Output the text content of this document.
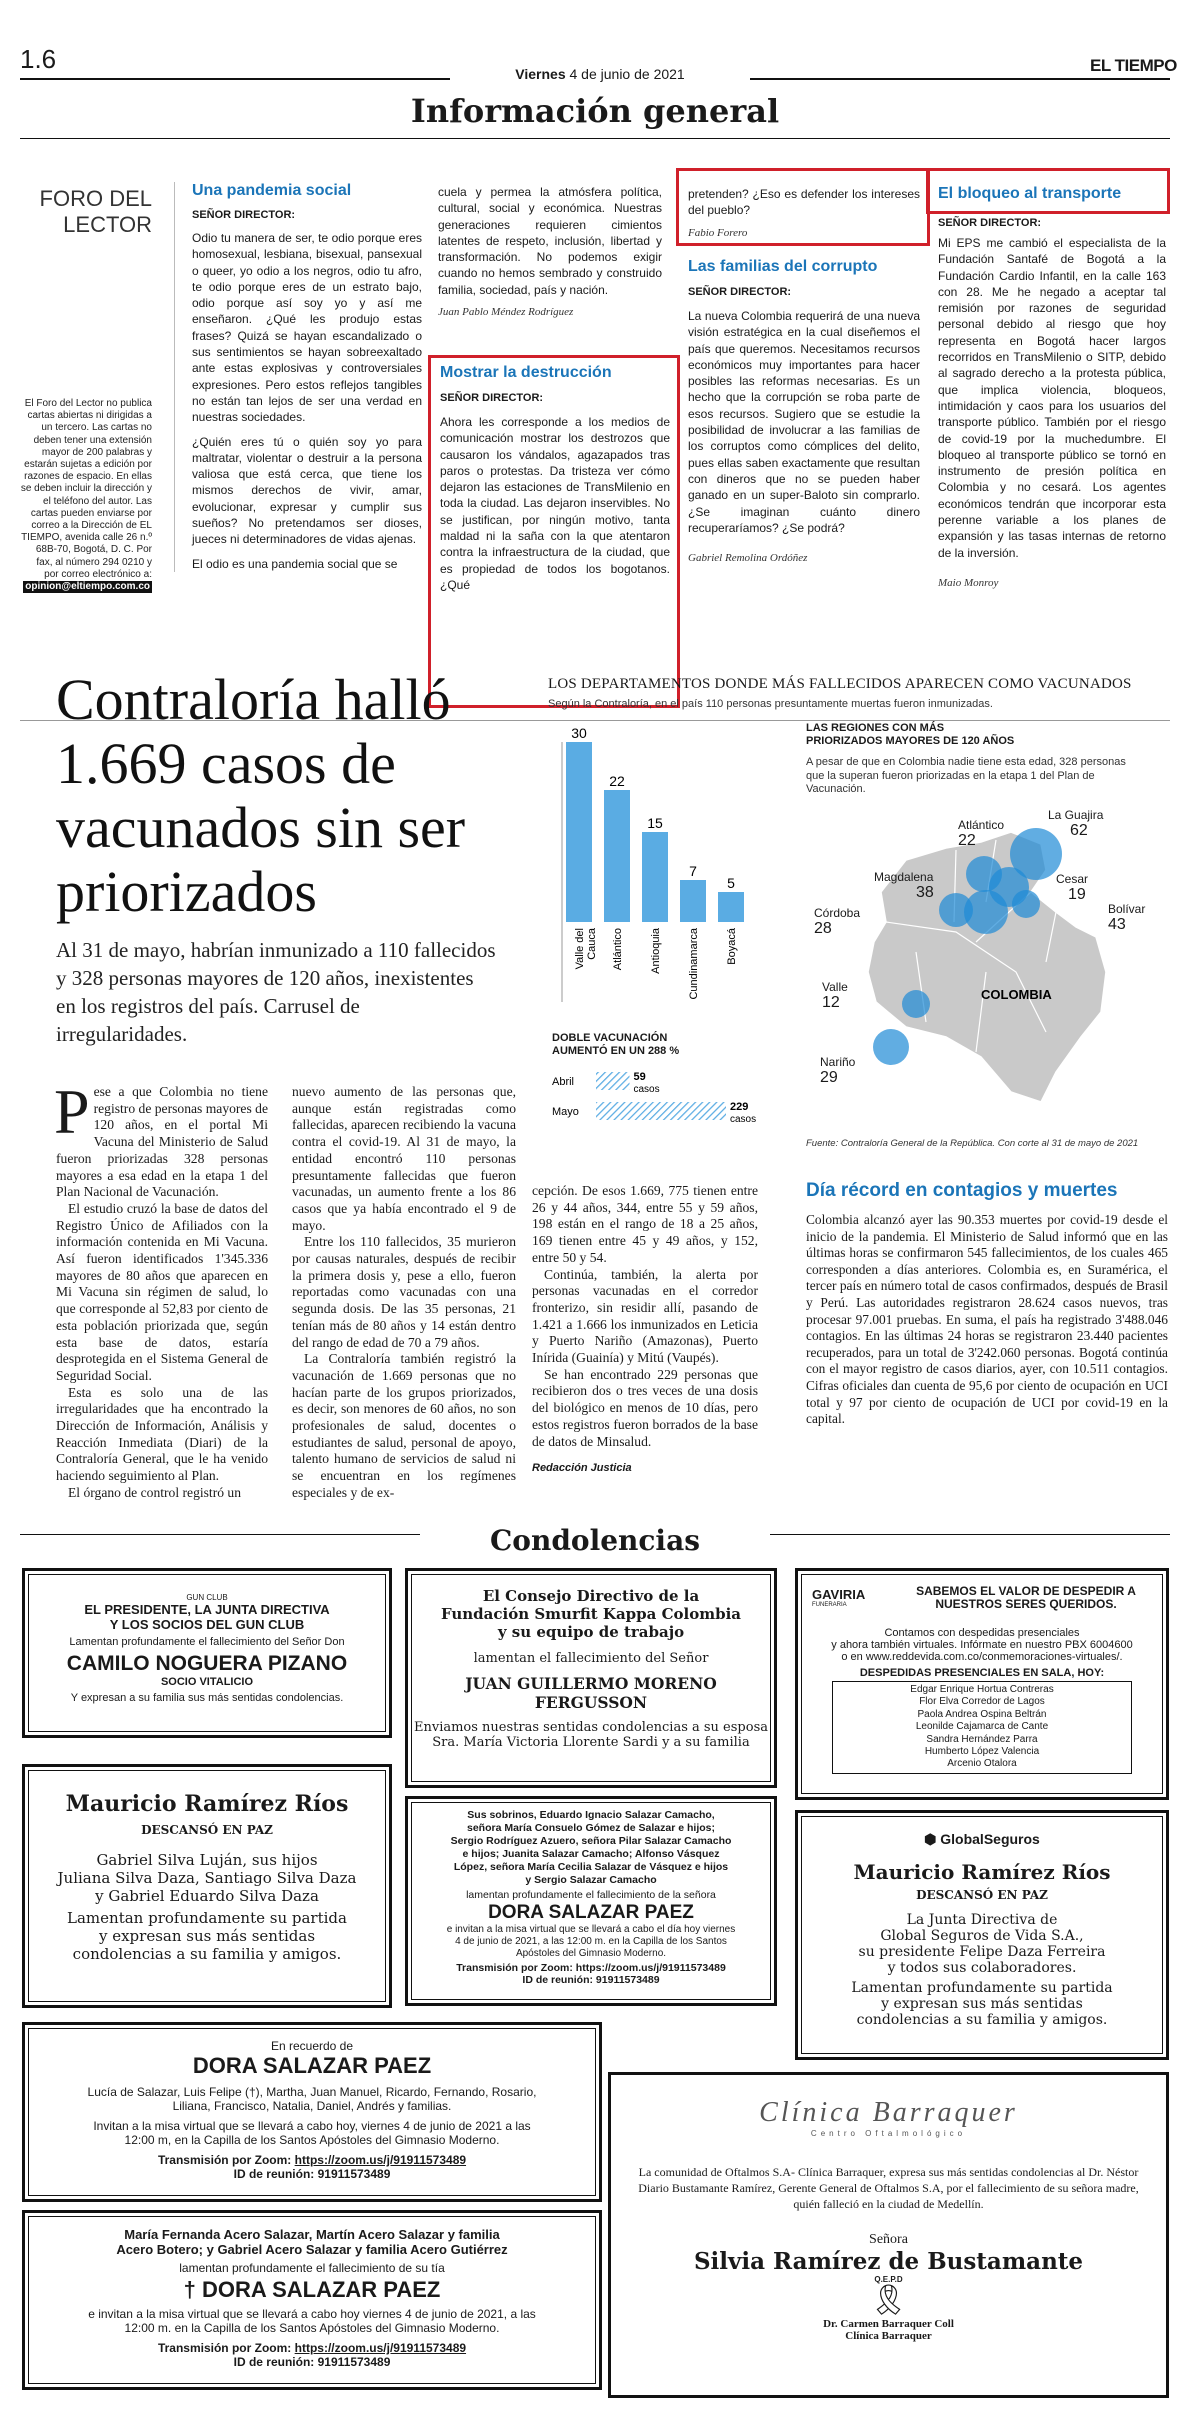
1.6	Viernes 4 de junio de 2021	EL TIEMPO
Información general
FORO DEL
LECTOR
El Foro del Lector no publica cartas abiertas ni dirigidas a un tercero. Las cartas no deben tener una extensión mayor de 200 palabras y estarán sujetas a edición por razones de espacio. En ellas se deben incluir la dirección y el teléfono del autor. Las cartas pueden enviarse por correo a la Dirección de EL TIEMPO, avenida calle 26 n.º 68B-70, Bogotá, D. C. Por fax, al número 294 0210 y por correo electrónico a: opinion@eltiempo.com.co
Una pandemia social
SEÑOR DIRECTOR:
Odio tu manera de ser, te odio porque eres homosexual, lesbiana, bisexual, pansexual o queer, yo odio a los negros, odio tu afro, te odio porque eres de un estrato bajo, odio porque así soy yo y así me enseñaron. ¿Qué les produjo estas frases? Quizá se hayan escandalizado o sus sentimientos se hayan sobreexaltado ante estas explosivas y controversiales expresiones. Pero estos reflejos tangibles no están tan lejos de ser una verdad en nuestras sociedades.
¿Quién eres tú o quién soy yo para maltratar, violentar o destruir a la persona valiosa que está cerca, que tiene los mismos derechos de vivir, amar, evolucionar, expresar y cumplir sus sueños? No pretendamos ser dioses, jueces ni determinadores de vidas ajenas.
El odio es una pandemia social que se
cuela y permea la atmósfera política, cultural, social y económica. Nuestras generaciones requieren cimientos latentes de respeto, inclusión, libertad y transformación. No podemos exigir cuando no hemos sembrado y construido familia, sociedad, país y nación.
Juan Pablo Méndez Rodríguez
Mostrar la destrucción
SEÑOR DIRECTOR:
Ahora les corresponde a los medios de comunicación mostrar los destrozos que causaron los vándalos, agazapados tras paros o protestas. Da tristeza ver cómo dejaron las estaciones de TransMilenio en toda la ciudad. Las dejaron inservibles. No se justifican, por ningún motivo, tanta maldad ni la saña con la que atentaron contra la infraestructura de la ciudad, que es propiedad de todos los bogotanos. ¿Qué
pretenden? ¿Eso es defender los intereses del pueblo?
Fabio Forero
Las familias del corrupto
SEÑOR DIRECTOR:
La nueva Colombia requerirá de una nueva visión estratégica en la cual diseñemos el país que queremos. Necesitamos recursos económicos muy importantes para hacer posibles las reformas necesarias. Es un hecho que la corrupción se roba parte de esos recursos. Sugiero que se estudie la posibilidad de involucrar a las familias de los corruptos como cómplices del delito, pues ellas saben exactamente que resultan con dineros que no se pueden haber ganado en un super-Baloto sin comprarlo. ¿Se imaginan cuánto dinero recuperaríamos? ¿Se podrá?
Gabriel Remolina Ordóñez
El bloqueo al transporte
SEÑOR DIRECTOR:
Mi EPS me cambió el especialista de la Fundación Santafé de Bogotá a la Fundación Cardio Infantil, en la calle 163 con 28. Me he negado a aceptar tal remisión por razones de seguridad personal debido al riesgo que hoy representa en Bogotá hacer largos recorridos en TransMilenio o SITP, debido al sagrado derecho a la protesta pública, que implica violencia, bloqueos, intimidación y caos para los usuarios del transporte público. También por el riesgo de covid-19 por la muchedumbre. El bloqueo al transporte público se tornó en instrumento de presión política en Colombia y no cesará. Los agentes económicos tendrán que incorporar esta perenne variable a los planes de expansión y las tasas internas de retorno de la inversión.
Maio Monroy
Contraloría halló 1.669 casos de vacunados sin ser priorizados
Al 31 de mayo, habrían inmunizado a 110 fallecidos y 328 personas mayores de 120 años, inexistentes en los registros del país. Carrusel de irregularidades.
P ese a que Colombia no tiene registro de personas mayores de 120 años, en el portal Mi Vacuna del Ministerio de Salud fueron priorizadas 328 personas mayores a esa edad en la etapa 1 del Plan Nacional de Vacunación.
El estudio cruzó la base de datos del Registro Único de Afiliados con la información contenida en Mi Vacuna. Así fueron identificados 1'345.336 mayores de 80 años que aparecen en Mi Vacuna sin régimen de salud, lo que corresponde al 52,83 por ciento de esta población priorizada que, según esta base de datos, estaría desprotegida en el Sistema General de Seguridad Social.
Esta es solo una de las irregularidades que ha encontrado la Dirección de Información, Análisis y Reacción Inmediata (Diari) de la Contraloría General, que le ha venido haciendo seguimiento al Plan.
El órgano de control registró un
nuevo aumento de las personas que, aunque están registradas como fallecidas, aparecen recibiendo la vacuna contra el covid-19. Al 31 de mayo, la entidad encontró 110 personas presuntamente fallecidas que fueron vacunadas, un aumento frente a los 86 casos que ya había encontrado el 9 de mayo.
Entre los 110 fallecidos, 35 murieron por causas naturales, después de recibir la primera dosis y, pese a ello, fueron reportadas como vacunadas con una segunda dosis. De las 35 personas, 21 tenían más de 80 años y 14 están dentro del rango de edad de 70 a 79 años.
La Contraloría también registró la vacunación de 1.669 personas que no hacían parte de los grupos priorizados, es decir, son menores de 60 años, no son profesionales de salud, docentes o estudiantes de salud, personal de apoyo, talento humano de servicios de salud ni se encuentran en los regímenes especiales y de ex-
cepción. De esos 1.669, 775 tienen entre 26 y 44 años, 344, entre 55 y 59 años, 198 están en el rango de 18 a 25 años, 169 tienen entre 45 y 49 años, y 152, entre 50 y 54.
Continúa, también, la alerta por personas vacunadas en el corredor fronterizo, sin residir allí, pasando de 1.421 a 1.666 los inmunizados en Leticia y Puerto Nariño (Amazonas), Puerto Inírida (Guainía) y Mitú (Vaupés).
Se han encontrado 229 personas que recibieron dos o tres veces de una dosis del biológico en menos de 10 días, pero estos registros fueron borrados de la base de datos de Minsalud.
Redacción Justicia
LOS DEPARTAMENTOS DONDE MÁS FALLECIDOS APARECEN COMO VACUNADOS
Según la Contraloría, en el país 110 personas presuntamente muertas fueron inmunizadas.
30
Valle delCauca
22
Atlántico
15
Antioquia
7
Cundinamarca
5
Boyacá
DOBLE VACUNACIÓN AUMENTÓ EN UN 288 %
Abril	59
casos
Mayo	229
casos
LAS REGIONES CON MÁS PRIORIZADOS MAYORES DE 120 AÑOS
A pesar de que en Colombia nadie tiene esta edad, 328 personas que la superan fueron priorizadas en la etapa 1 del Plan de Vacunación.
COLOMBIA
Atlántico
22
La Guajira
62
Magdalena
38
Cesar
19
Córdoba
28
Bolívar
43
Valle
12
Nariño
29
Fuente: Contraloría General de la República. Con corte al 31 de mayo de 2021
Día récord en contagios y muertes
Colombia alcanzó ayer las 90.353 muertes por covid-19 desde el inicio de la pandemia. El Ministerio de Salud informó que en las últimas horas se confirmaron 545 fallecimientos, de los cuales 465 corresponden a días anteriores. Colombia es, en Suramérica, el tercer país en número total de casos confirmados, después de Brasil y Perú. Las autoridades registraron 28.624 casos nuevos, tras procesar 97.001 pruebas. En suma, el país ha registrado 3'488.046 contagios. En las últimas 24 horas se registraron 23.440 pacientes recuperados, para un total de 3'242.060 personas. Bogotá continúa con el mayor registro de casos diarios, ayer, con 10.511 contagios. Cifras oficiales dan cuenta de 95,6 por ciento de ocupación en UCI total y 97 por ciento de ocupación de UCI por covid-19 en la capital.
Condolencias
GUN CLUB
EL PRESIDENTE, LA JUNTA DIRECTIVA
Y LOS SOCIOS DEL GUN CLUB
Lamentan profundamente el fallecimiento del Señor Don
CAMILO NOGUERA PIZANO
SOCIO VITALICIO
Y expresan a su familia sus más sentidas condolencias.
El Consejo Directivo de la
Fundación Smurfit Kappa Colombia
y su equipo de trabajo
lamentan el fallecimiento del Señor
JUAN GUILLERMO MORENO FERGUSSON
Enviamos nuestras sentidas condolencias a su esposa
Sra. María Victoria Llorente Sardi y a su familia
GAVIRIA
FUNERARIA
SABEMOS EL VALOR DE DESPEDIR A NUESTROS SERES QUERIDOS.
Contamos con despedidas presenciales
y ahora también virtuales. Infórmate en nuestro PBX 6004600
o en www.reddevida.com.co/conmemoraciones-virtuales/.
DESPEDIDAS PRESENCIALES EN SALA, HOY:
Edgar Enrique Hortua Contreras
Flor Elva Corredor de Lagos
Paola Andrea Ospina Beltrán
Leonilde Cajamarca de Cante
Sandra Hernández Parra
Humberto López Valencia
Arcenio Otalora
Mauricio Ramírez Ríos
DESCANSÓ EN PAZ
Gabriel Silva Luján, sus hijos
Juliana Silva Daza, Santiago Silva Daza
y Gabriel Eduardo Silva Daza
Lamentan profundamente su partida
y expresan sus más sentidas
condolencias a su familia y amigos.
Sus sobrinos, Eduardo Ignacio Salazar Camacho,
señora María Consuelo Gómez de Salazar e hijos;
Sergio Rodríguez Azuero, señora Pilar Salazar Camacho
e hijos; Juanita Salazar Camacho; Alfonso Vásquez
López, señora María Cecilia Salazar de Vásquez e hijos
y Sergio Salazar Camacho
lamentan profundamente el fallecimiento de la señora
DORA SALAZAR PAEZ
e invitan a la misa virtual que se llevará a cabo el día hoy viernes
4 de junio de 2021, a las 12:00 m. en la Capilla de los Santos
Apóstoles del Gimnasio Moderno.
Transmisión por Zoom: https://zoom.us/j/91911573489
ID de reunión: 91911573489
⬢ GlobalSeguros
Mauricio Ramírez Ríos
DESCANSÓ EN PAZ
La Junta Directiva de
Global Seguros de Vida S.A.,
su presidente Felipe Daza Ferreira
y todos sus colaboradores.
Lamentan profundamente su partida
y expresan sus más sentidas
condolencias a su familia y amigos.
En recuerdo de
DORA SALAZAR PAEZ
Lucía de Salazar, Luis Felipe (†), Martha, Juan Manuel, Ricardo, Fernando, Rosario,
Liliana, Francisco, Natalia, Daniel, Andrés y familias.
Invitan a la misa virtual que se llevará a cabo hoy, viernes 4 de junio de 2021 a las
12:00 m, en la Capilla de los Santos Apóstoles del Gimnasio Moderno.
Transmisión por Zoom: https://zoom.us/j/91911573489
ID de reunión: 91911573489
Clínica Barraquer
Centro Oftalmológico
La comunidad de Oftalmos S.A- Clínica Barraquer, expresa sus más sentidas condolencias al Dr. Néstor Diario Bustamante Ramírez, Gerente General de Oftalmos S.A, por el fallecimiento de su señora madre, quién falleció en la ciudad de Medellín.
Señora
Silvia Ramírez de Bustamante
Q.E.P.D
🎗
Dr. Carmen Barraquer Coll
Clínica Barraquer
María Fernanda Acero Salazar, Martín Acero Salazar y familia
Acero Botero; y Gabriel Acero Salazar y familia Acero Gutiérrez
lamentan profundamente el fallecimiento de su tía
† DORA SALAZAR PAEZ
e invitan a la misa virtual que se llevará a cabo hoy viernes 4 de junio de 2021, a las
12:00 m. en la Capilla de los Santos Apóstoles del Gimnasio Moderno.
Transmisión por Zoom: https://zoom.us/j/91911573489
ID de reunión: 91911573489
